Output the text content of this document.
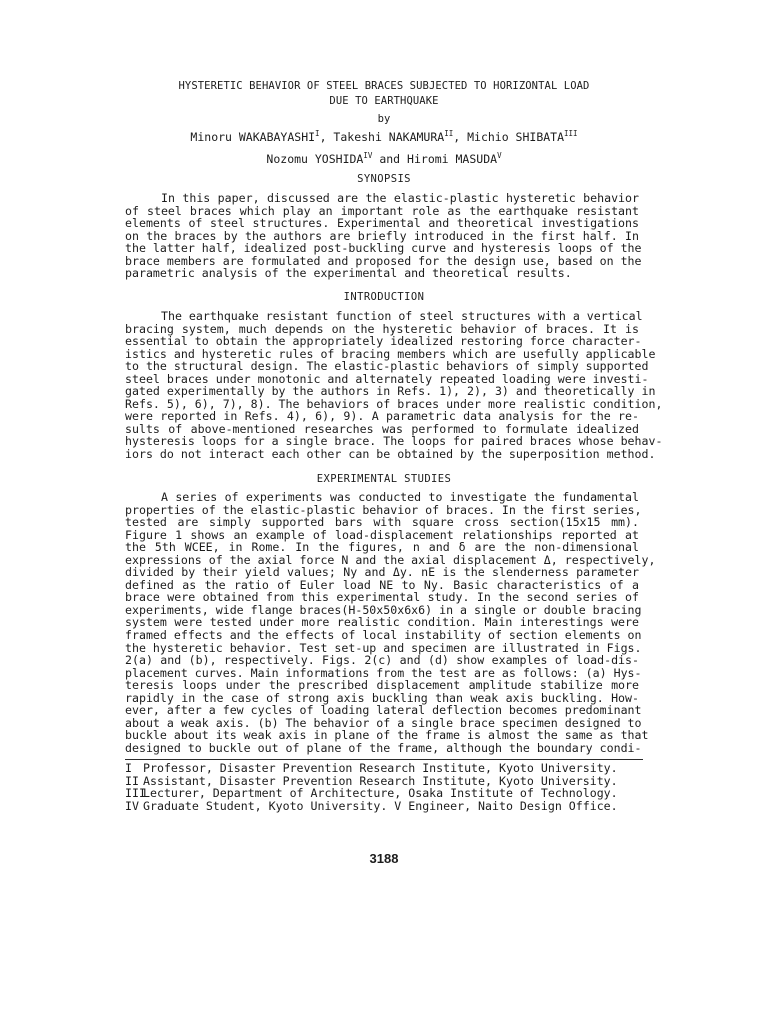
HYSTERETIC BEHAVIOR OF STEEL BRACES SUBJECTED TO HORIZONTAL LOAD
DUE TO EARTHQUAKE
by
Minoru $WAKABAYASHI^I$, Takeshi $NAKAMURA^{II}$, Michio $SHIBATA^{III}$
Nozomu $YOSHIDA^{IV}$ and Hiromi $MASUDA^V$
SYNOPSIS
In this paper, discussed are the elastic-plastic hysteretic behavior
of steel braces which play an important role as the earthquake resistant
elements of steel structures. Experimental and theoretical investigations
on the braces by the authors are briefly introduced in the first half. In
the latter half, idealized post-buckling curve and hysteresis loops of the
brace members are formulated and proposed for the design use, based on the
parametric analysis of the experimental and theoretical results.
INTRODUCTION
The earthquake resistant function of steel structures with a vertical
bracing system, much depends on the hysteretic behavior of braces. It is
essential to obtain the appropriately idealized restoring force character-
istics and hysteretic rules of bracing members which are usefully applicable
to the structural design. The elastic-plastic behaviors of simply supported
steel braces under monotonic and alternately repeated loading were investi-
gated experimentally by the authors in Refs. 1), 2), 3) and theoretically in
Refs. 5), 6), 7), 8). The behaviors of braces under more realistic condition,
were reported in Refs. 4), 6), 9). A parametric data analysis for the re-
sults of above-mentioned researches was performed to formulate idealized
hysteresis loops for a single brace. The loops for paired braces whose behav-
iors do not interact each other can be obtained by the superposition method.
EXPERIMENTAL STUDIES
A series of experiments was conducted to investigate the fundamental
properties of the elastic-plastic behavior of braces. In the first series,
tested are simply supported bars with square cross section(15x15 mm).
Figure 1 shows an example of load-displacement relationships reported at
the 5th WCEE, in Rome. In the figures, n and δ are the non-dimensional
expressions of the axial force N and the axial displacement Δ, respectively,
divided by their yield values; Ny and Δy. nE is the slenderness parameter
defined as the ratio of Euler load NE to Ny. Basic characteristics of a
brace were obtained from this experimental study. In the second series of
experiments, wide flange braces(H-50x50x6x6) in a single or double bracing
system were tested under more realistic condition. Main interestings were
framed effects and the effects of local instability of section elements on
the hysteretic behavior. Test set-up and specimen are illustrated in Figs.
2(a) and (b), respectively. Figs. 2(c) and (d) show examples of load-dis-
placement curves. Main informations from the test are as follows: (a) Hys-
teresis loops under the prescribed displacement amplitude stabilize more
rapidly in the case of strong axis buckling than weak axis buckling. How-
ever, after a few cycles of loading lateral deflection becomes predominant
about a weak axis. (b) The behavior of a single brace specimen designed to
buckle about its weak axis in plane of the frame is almost the same as that
designed to buckle out of plane of the frame, although the boundary condi-
I Professor, Disaster Prevention Research Institute, Kyoto University.
II Assistant, Disaster Prevention Research Institute, Kyoto University.
IIILecturer, Department of Architecture, Osaka Institute of Technology.
IV Graduate Student, Kyoto University. V Engineer, Naito Design Office.
3188
